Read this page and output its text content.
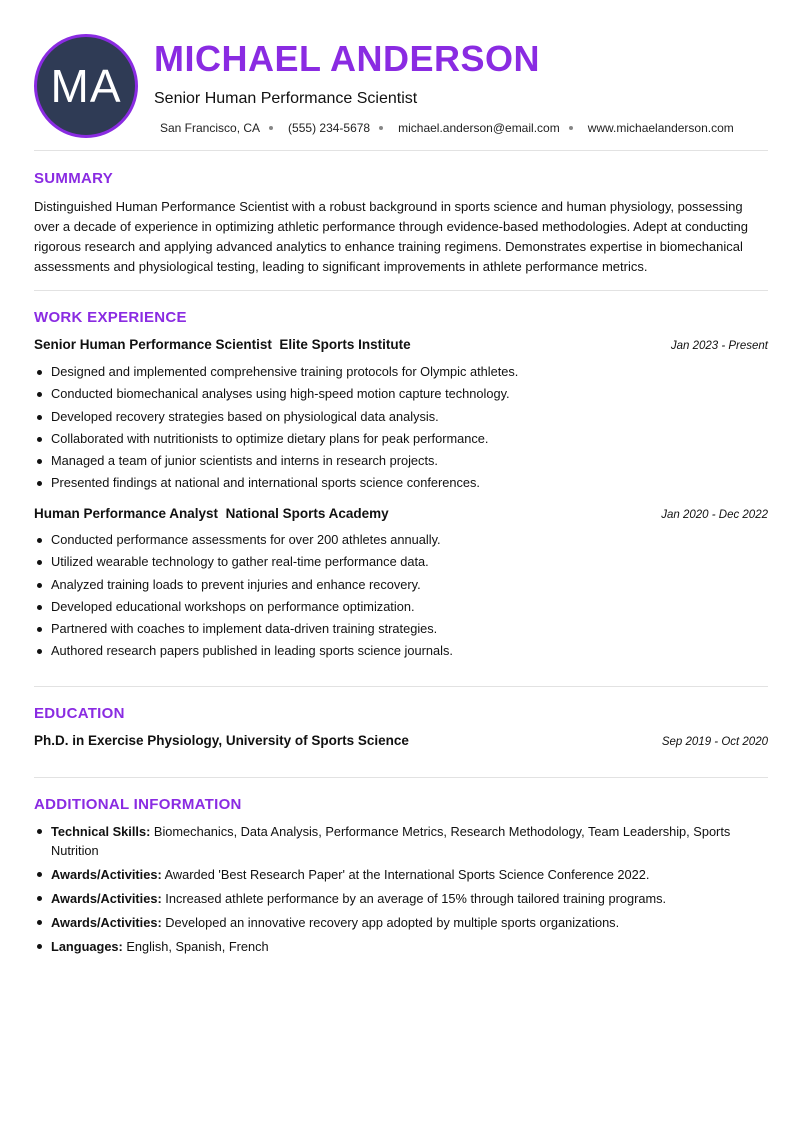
MA
MICHAEL ANDERSON
Senior Human Performance Scientist
San Francisco, CA (555) 234-5678 michael.anderson@email.com www.michaelanderson.com
SUMMARY
Distinguished Human Performance Scientist with a robust background in sports science and human physiology, possessing over a decade of experience in optimizing athletic performance through evidence-based methodologies. Adept at conducting rigorous research and applying advanced analytics to enhance training regimens. Demonstrates expertise in biomechanical assessments and physiological testing, leading to significant improvements in athlete performance metrics.
WORK EXPERIENCE
Senior Human Performance Scientist Elite Sports Institute	Jan 2023 - Present
Designed and implemented comprehensive training protocols for Olympic athletes.
Conducted biomechanical analyses using high-speed motion capture technology.
Developed recovery strategies based on physiological data analysis.
Collaborated with nutritionists to optimize dietary plans for peak performance.
Managed a team of junior scientists and interns in research projects.
Presented findings at national and international sports science conferences.
Human Performance Analyst National Sports Academy	Jan 2020 - Dec 2022
Conducted performance assessments for over 200 athletes annually.
Utilized wearable technology to gather real-time performance data.
Analyzed training loads to prevent injuries and enhance recovery.
Developed educational workshops on performance optimization.
Partnered with coaches to implement data-driven training strategies.
Authored research papers published in leading sports science journals.
EDUCATION
Ph.D. in Exercise Physiology, University of Sports Science	Sep 2019 - Oct 2020
ADDITIONAL INFORMATION
Technical Skills: Biomechanics, Data Analysis, Performance Metrics, Research Methodology, Team Leadership, Sports Nutrition
Awards/Activities: Awarded 'Best Research Paper' at the International Sports Science Conference 2022.
Awards/Activities: Increased athlete performance by an average of 15% through tailored training programs.
Awards/Activities: Developed an innovative recovery app adopted by multiple sports organizations.
Languages: English, Spanish, French
